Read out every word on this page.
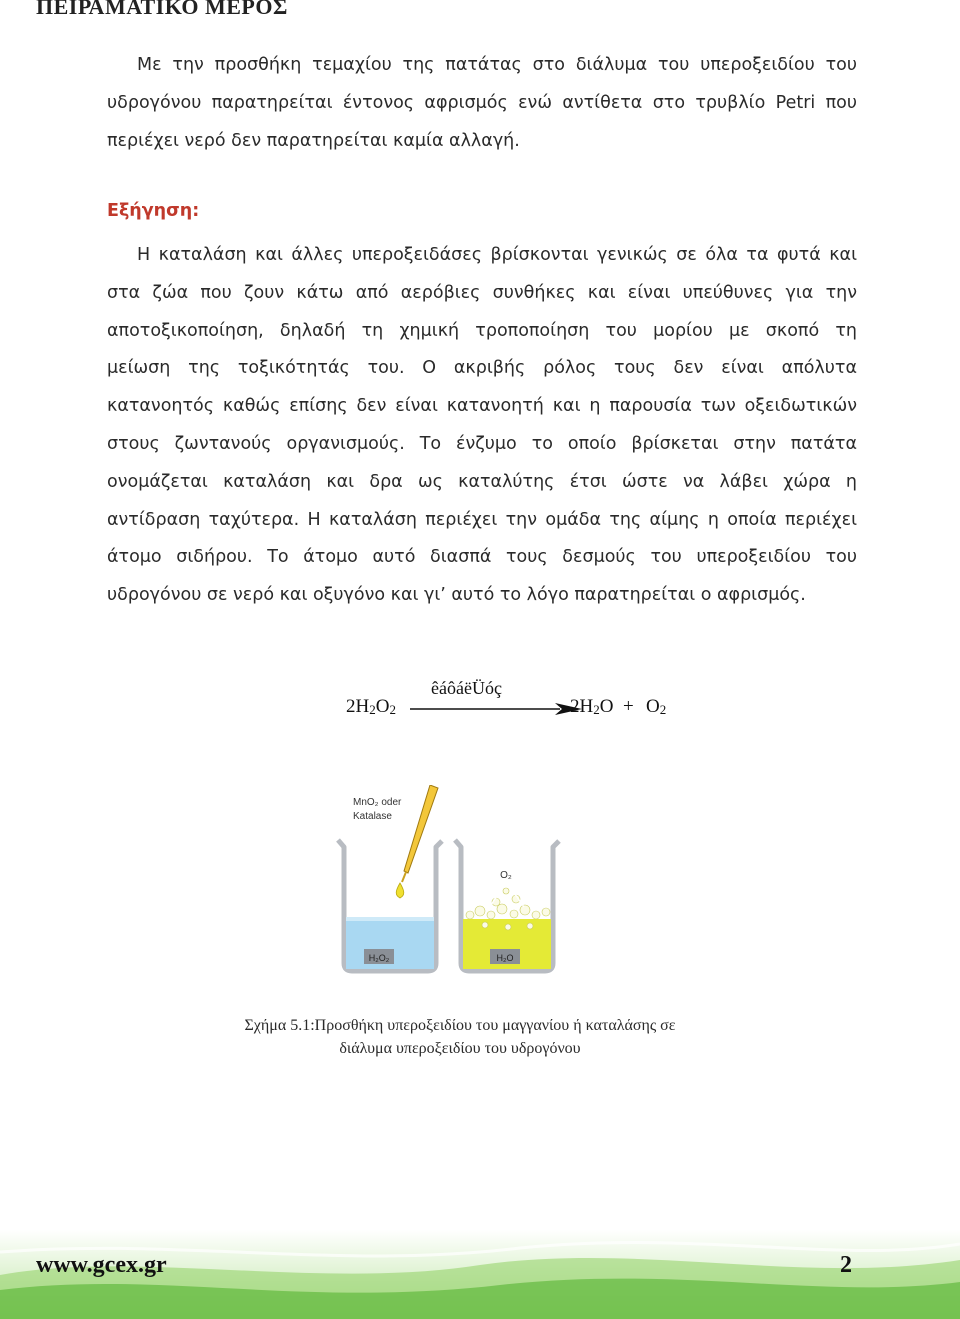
ΠΕΙΡΑΜΑΤΙΚΟ ΜΕΡΟΣ
Με την προσθήκη τεμαχίου της πατάτας στο διάλυμα του υπεροξειδίου του
υδρογόνου παρατηρείται έντονος αφρισμός ενώ αντίθετα στο τρυβλίο Petri που
περιέχει νερό δεν παρατηρείται καμία αλλαγή.
Εξήγηση:
Η καταλάση και άλλες υπεροξειδάσες βρίσκονται γενικώς σε όλα τα φυτά και
στα ζώα που ζουν κάτω από αερόβιες συνθήκες και είναι υπεύθυνες για την
αποτοξικοποίηση, δηλαδή τη χημική τροποποίηση του μορίου με σκοπό τη
μείωση της τοξικότητάς του. Ο ακριβής ρόλος τους δεν είναι απόλυτα
κατανοητός καθώς επίσης δεν είναι κατανοητή και η παρουσία των οξειδωτικών
στους ζωντανούς οργανισμούς. Το ένζυμο το οποίο βρίσκεται στην πατάτα
ονομάζεται καταλάση και δρα ως καταλύτης έτσι ώστε να λάβει χώρα η
αντίδραση ταχύτερα. Η καταλάση περιέχει την ομάδα της αίμης η οποία περιέχει
άτομο σιδήρου. Το άτομο αυτό διασπά τους δεσμούς του υπεροξειδίου του
υδρογόνου σε νερό και οξυγόνο και γι’ αυτό το λόγο παρατηρείται ο αφρισμός.
$2H_2O_2$
êáôáëÜóç
$2H_2O + O_2$
MnO₂ oder
Katalase
H₂O₂
O₂
H₂O
Σχήμα 5.1:Προσθήκη υπεροξειδίου του μαγγανίου ή καταλάσης σε
διάλυμα υπεροξειδίου του υδρογόνου
www.gcex.gr	2
